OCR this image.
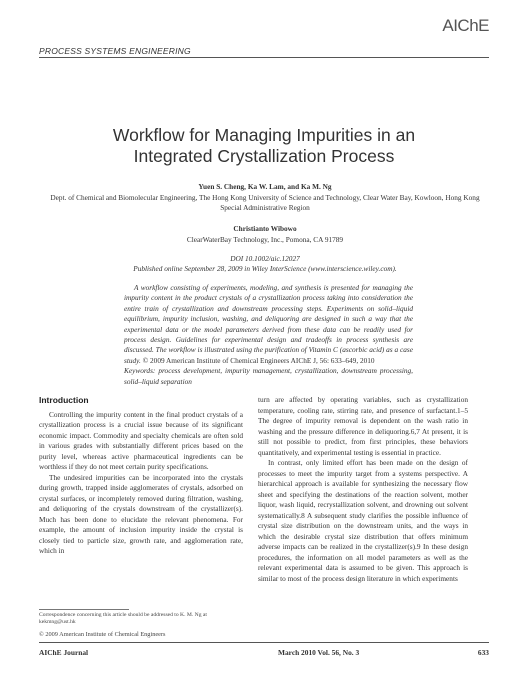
AIChE
PROCESS SYSTEMS ENGINEERING
Workflow for Managing Impurities in an
Integrated Crystallization Process
Yuen S. Cheng, Ka W. Lam, and Ka M. Ng
Dept. of Chemical and Biomolecular Engineering, The Hong Kong University of Science and Technology, Clear Water Bay, Kowloon, Hong Kong Special Administrative Region
Christianto Wibowo
ClearWaterBay Technology, Inc., Pomona, CA 91789
DOI 10.1002/aic.12027
Published online September 28, 2009 in Wiley InterScience (www.interscience.wiley.com).
A workflow consisting of experiments, modeling, and synthesis is presented for managing the impurity content in the product crystals of a crystallization process taking into consideration the entire train of crystallization and downstream processing steps. Experiments on solid–liquid equilibrium, impurity inclusion, washing, and deliquoring are designed in such a way that the experimental data or the model parameters derived from these data can be readily used for process design. Guidelines for experimental design and tradeoffs in process synthesis are discussed. The workflow is illustrated using the purification of Vitamin C (ascorbic acid) as a case study. © 2009 American Institute of Chemical Engineers AIChE J, 56: 633–649, 2010
Keywords: process development, impurity management, crystallization, downstream processing, solid–liquid separation
Introduction

Controlling the impurity content in the final product crystals of a crystallization process is a crucial issue because of its significant economic impact. Commodity and specialty chemicals are often sold in various grades with substantially different prices based on the purity level, whereas active pharmaceutical ingredients can be worthless if they do not meet certain purity specifications.

The undesired impurities can be incorporated into the crystals during growth, trapped inside agglomerates of crystals, adsorbed on crystal surfaces, or incompletely removed during filtration, washing, and deliquoring of the crystals downstream of the crystallizer(s). Much has been done to elucidate the relevant phenomena. For example, the amount of inclusion impurity inside the crystal is closely tied to particle size, growth rate, and agglomeration rate, which in

turn are affected by operating variables, such as crystallization temperature, cooling rate, stirring rate, and presence of surfactant.1–5 The degree of impurity removal is dependent on the wash ratio in washing and the pressure difference in deliquoring.6,7 At present, it is still not possible to predict, from first principles, these behaviors quantitatively, and experimental testing is essential in practice.

In contrast, only limited effort has been made on the design of processes to meet the impurity target from a systems perspective. A hierarchical approach is available for synthesizing the necessary flow sheet and specifying the destinations of the reaction solvent, mother liquor, wash liquid, recrystallization solvent, and drowning out solvent systematically.8 A subsequent study clarifies the possible influence of crystal size distribution on the downstream units, and the ways in which the desirable crystal size distribution that offers minimum adverse impacts can be realized in the crystallizer(s).9 In these design procedures, the information on all model parameters as well as the relevant experimental data is assumed to be given. This approach is similar to most of the process design literature in which experiments

Correspondence concerning this article should be addressed to K. M. Ng at kekmng@ust.hk
© 2009 American Institute of Chemical Engineers
AIChE Journal	March 2010 Vol. 56, No. 3	633
